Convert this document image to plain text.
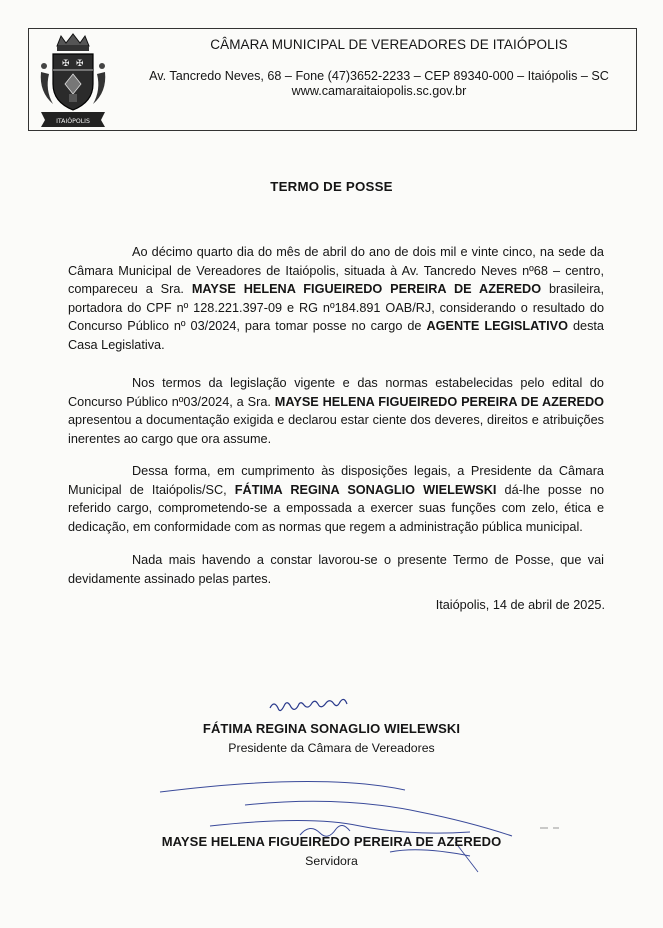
✠ ✠
ITAIÓPOLIS
CÂMARA MUNICIPAL DE VEREADORES DE ITAIÓPOLIS
Av. Tancredo Neves, 68 – Fone (47)3652-2233 – CEP 89340-000 – Itaiópolis – SC
www.camaraitaiopolis.sc.gov.br
TERMO DE POSSE
Ao décimo quarto dia do mês de abril do ano de dois mil e vinte cinco, na sede da Câmara Municipal de Vereadores de Itaiópolis, situada à Av. Tancredo Neves nº68 – centro, compareceu a Sra. MAYSE HELENA FIGUEIREDO PEREIRA DE AZEREDO brasileira, portadora do CPF nº 128.221.397-09 e RG nº184.891 OAB/RJ, considerando o resultado do Concurso Público nº 03/2024, para tomar posse no cargo de AGENTE LEGISLATIVO desta Casa Legislativa.
Nos termos da legislação vigente e das normas estabelecidas pelo edital do Concurso Público nº03/2024, a Sra. MAYSE HELENA FIGUEIREDO PEREIRA DE AZEREDO apresentou a documentação exigida e declarou estar ciente dos deveres, direitos e atribuições inerentes ao cargo que ora assume.
Dessa forma, em cumprimento às disposições legais, a Presidente da Câmara Municipal de Itaiópolis/SC, FÁTIMA REGINA SONAGLIO WIELEWSKI dá-lhe posse no referido cargo, comprometendo-se a empossada a exercer suas funções com zelo, ética e dedicação, em conformidade com as normas que regem a administração pública municipal.
Nada mais havendo a constar lavorou-se o presente Termo de Posse, que vai devidamente assinado pelas partes.
Itaiópolis, 14 de abril de 2025.
FÁTIMA REGINA SONAGLIO WIELEWSKI
Presidente da Câmara de Vereadores
MAYSE HELENA FIGUEIREDO PEREIRA DE AZEREDO
Servidora
